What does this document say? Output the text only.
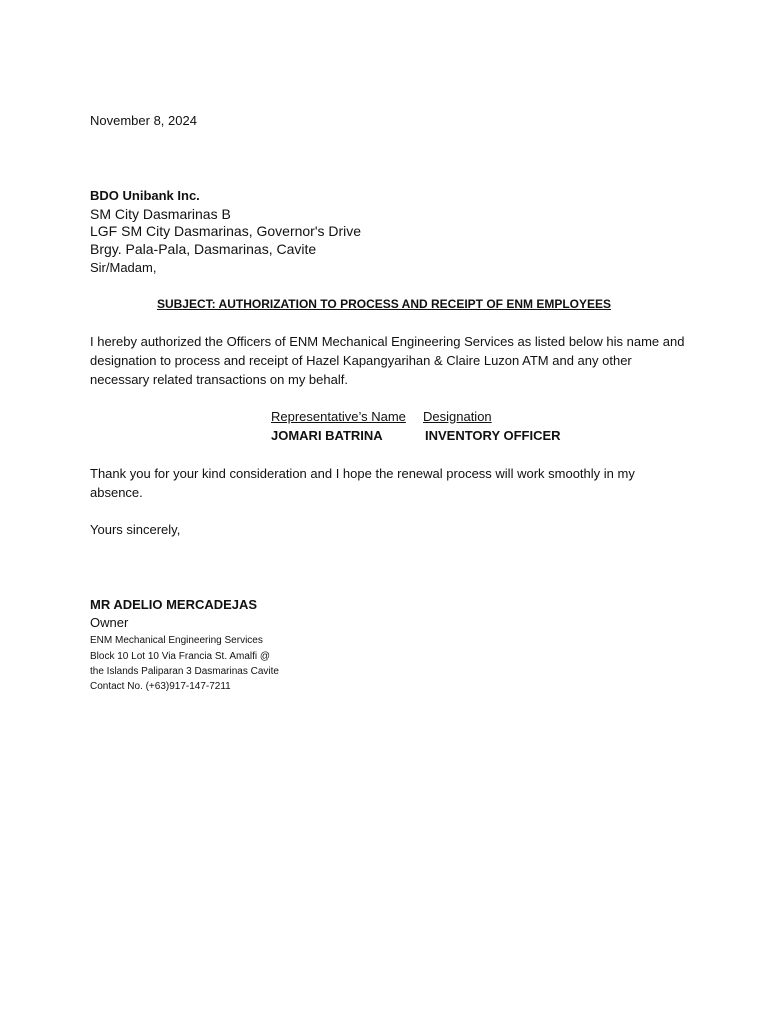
November 8, 2024
BDO Unibank Inc.
SM City Dasmarinas B
LGF SM City Dasmarinas, Governor's Drive
Brgy. Pala-Pala, Dasmarinas, Cavite
Sir/Madam,
SUBJECT: AUTHORIZATION TO PROCESS AND RECEIPT OF ENM EMPLOYEES
I hereby authorized the Officers of ENM Mechanical Engineering Services as listed below his name and designation to process and receipt of Hazel Kapangyarihan & Claire Luzon ATM and any other necessary related transactions on my behalf.
Representative’s Name Designation
JOMARI BATRINA	INVENTORY OFFICER
Thank you for your kind consideration and I hope the renewal process will work smoothly in my absence.
Yours sincerely,
MR ADELIO MERCADEJAS
Owner
ENM Mechanical Engineering Services
Block 10 Lot 10 Via Francia St. Amalfi @
the Islands Paliparan 3 Dasmarinas Cavite
Contact No. (+63)917-147-7211
